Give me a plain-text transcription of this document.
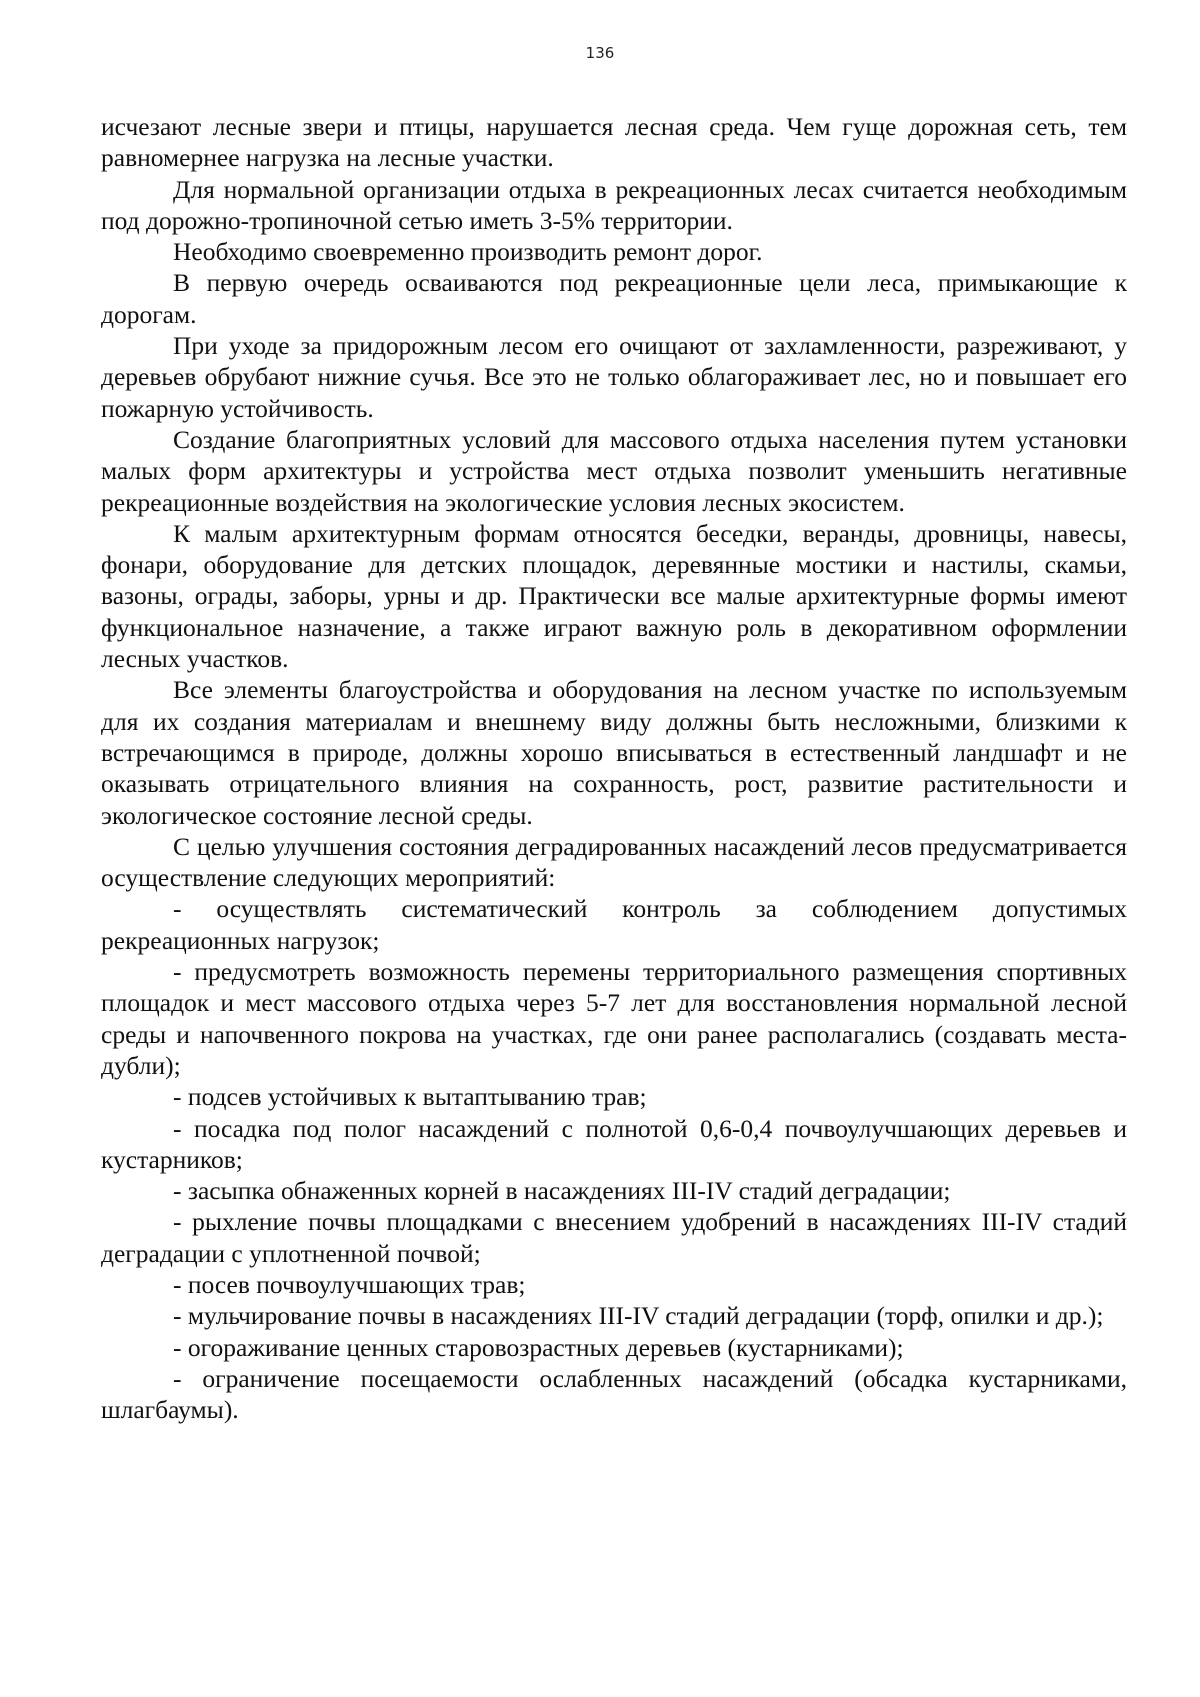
136

исчезают лесные звери и птицы, нарушается лесная среда. Чем гуще дорожная сеть, тем равномернее нагрузка на лесные участки.

Для нормальной организации отдыха в рекреационных лесах считается необходимым под дорожно-тропиночной сетью иметь 3-5% территории.

Необходимо своевременно производить ремонт дорог.

В первую очередь осваиваются под рекреационные цели леса, примыкающие к дорогам.

При уходе за придорожным лесом его очищают от захламленности, разреживают, у деревьев обрубают нижние сучья. Все это не только облагораживает лес, но и повышает его пожарную устойчивость.

Создание благоприятных условий для массового отдыха населения путем установки малых форм архитектуры и устройства мест отдыха позволит уменьшить негативные рекреационные воздействия на экологические условия лесных экосистем.

К малым архитектурным формам относятся беседки, веранды, дровницы, навесы, фонари, оборудование для детских площадок, деревянные мостики и настилы, скамьи, вазоны, ограды, заборы, урны и др. Практически все малые архитектурные формы имеют функциональное назначение, а также играют важную роль в декоративном оформлении лесных участков.

Все элементы благоустройства и оборудования на лесном участке по используемым для их создания материалам и внешнему виду должны быть несложными, близкими к встречающимся в природе, должны хорошо вписываться в естественный ландшафт и не оказывать отрицательного влияния на сохранность, рост, развитие растительности и экологическое состояние лесной среды.

С целью улучшения состояния деградированных насаждений лесов предусматривается осуществление следующих мероприятий:

- осуществлять систематический контроль за соблюдением допустимых рекреационных нагрузок;

- предусмотреть возможность перемены территориального размещения спортивных площадок и мест массового отдыха через 5-7 лет для восстановления нормальной лесной среды и напочвенного покрова на участках, где они ранее располагались (создавать места-дубли);

- подсев устойчивых к вытаптыванию трав;

- посадка под полог насаждений с полнотой 0,6-0,4 почвоулучшающих деревьев и кустарников;

- засыпка обнаженных корней в насаждениях III-IV стадий деградации;

- рыхление почвы площадками с внесением удобрений в насаждениях III-IV стадий деградации с уплотненной почвой;

- посев почвоулучшающих трав;

- мульчирование почвы в насаждениях III-IV стадий деградации (торф, опилки и др.);

- огораживание ценных старовозрастных деревьев (кустарниками);

- ограничение посещаемости ослабленных насаждений (обсадка кустарниками, шлагбаумы).
